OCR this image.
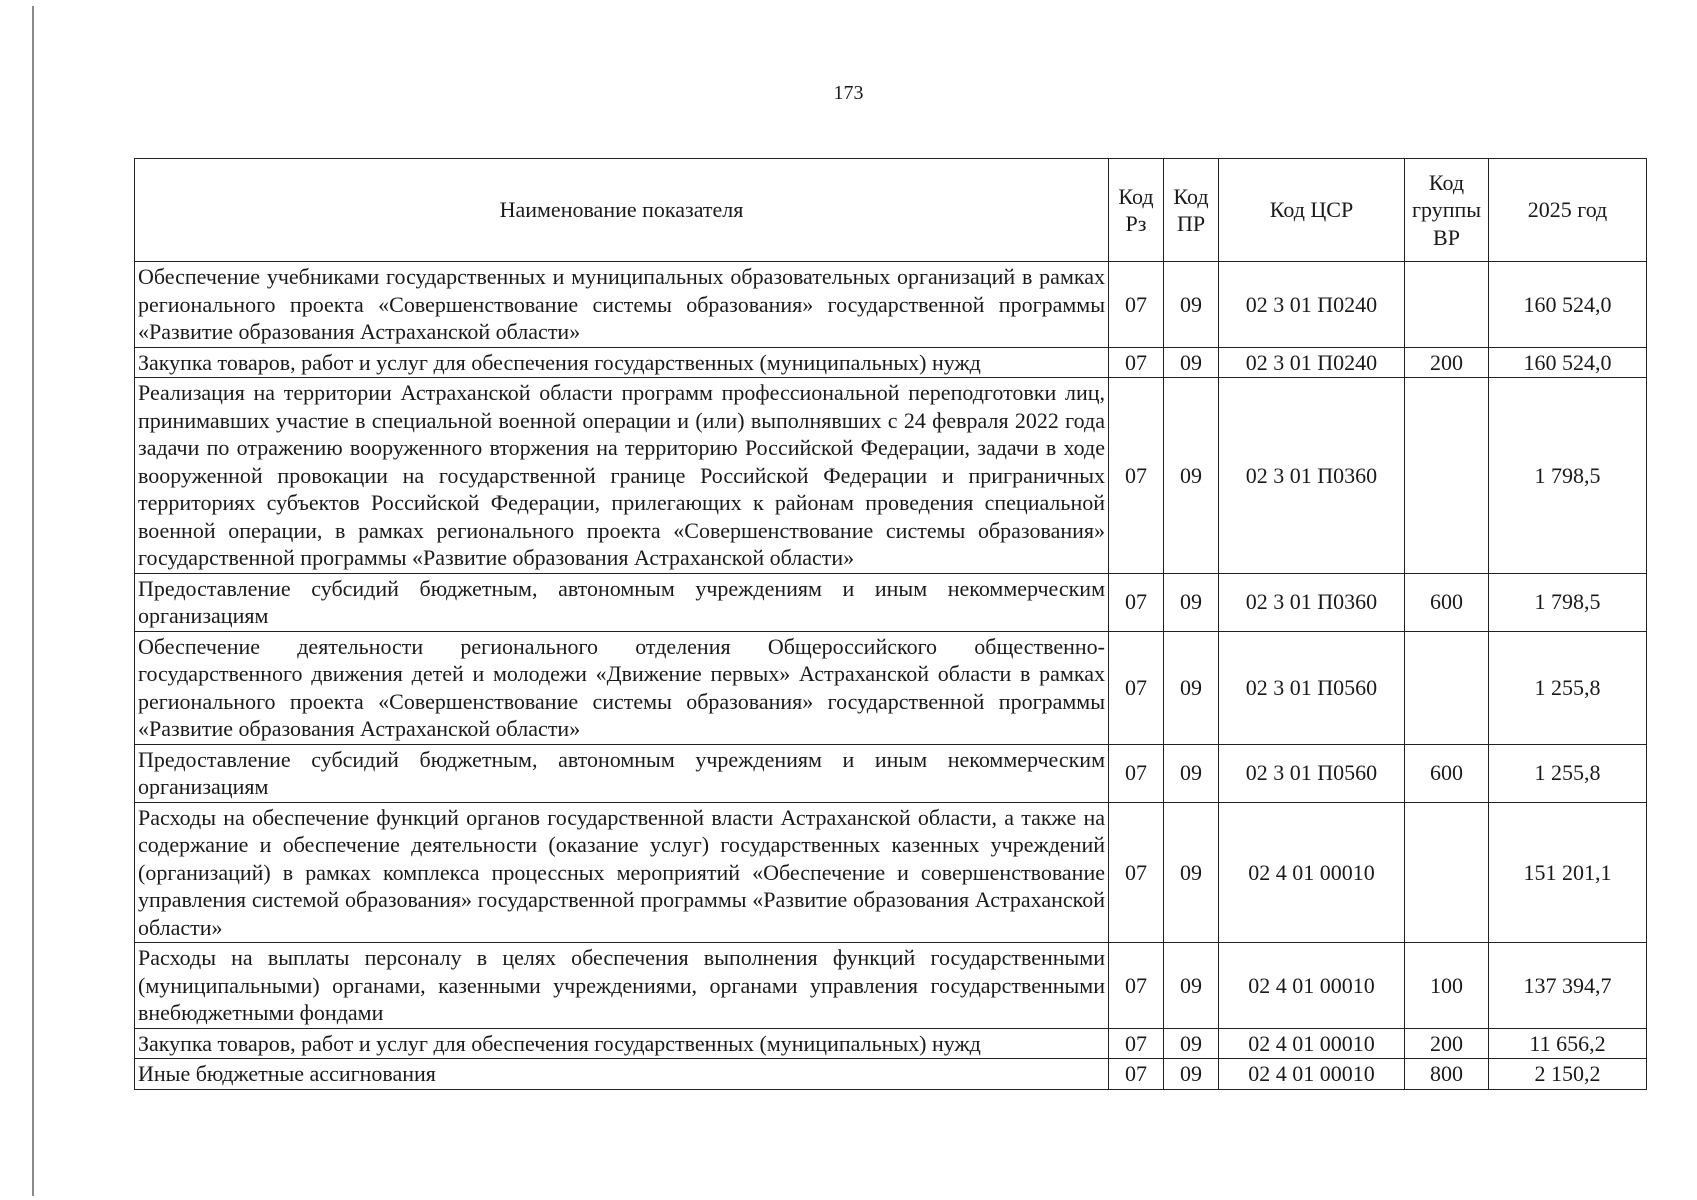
173
Наименование показателя	Код Рз	Код ПР	Код ЦСР	Код группы ВР	2025 год
Обеспечение учебниками государственных и муниципальных образовательных организаций в рамках регионального проекта «Совершенствование системы образования» государственной программы «Развитие образования Астраханской области»	07	09	02 3 01 П0240		160 524,0
Закупка товаров, работ и услуг для обеспечения государственных (муниципальных) нужд	07	09	02 3 01 П0240	200	160 524,0
Реализация на территории Астраханской области программ профессиональной переподготовки лиц, принимавших участие в специальной военной операции и (или) выполнявших с 24 февраля 2022 года задачи по отражению вооруженного вторжения на территорию Российской Федерации, задачи в ходе вооруженной провокации на государственной границе Российской Федерации и приграничных территориях субъектов Российской Федерации, прилегающих к районам проведения специальной военной операции, в рамках регионального проекта «Совершенствование системы образования» государственной программы «Развитие образования Астраханской области»	07	09	02 3 01 П0360		1 798,5
Предоставление субсидий бюджетным, автономным учреждениям и иным некоммерческим организациям	07	09	02 3 01 П0360	600	1 798,5
Обеспечение деятельности регионального отделения Общероссийского общественно-государственного движения детей и молодежи «Движение первых» Астраханской области в рамках регионального проекта «Совершенствование системы образования» государственной программы «Развитие образования Астраханской области»	07	09	02 3 01 П0560		1 255,8
Предоставление субсидий бюджетным, автономным учреждениям и иным некоммерческим организациям	07	09	02 3 01 П0560	600	1 255,8
Расходы на обеспечение функций органов государственной власти Астраханской области, а также на содержание и обеспечение деятельности (оказание услуг) государственных казенных учреждений (организаций) в рамках комплекса процессных мероприятий «Обеспечение и совершенствование управления системой образования» государственной программы «Развитие образования Астраханской области»	07	09	02 4 01 00010		151 201,1
Расходы на выплаты персоналу в целях обеспечения выполнения функций государственными (муниципальными) органами, казенными учреждениями, органами управления государственными внебюджетными фондами	07	09	02 4 01 00010	100	137 394,7
Закупка товаров, работ и услуг для обеспечения государственных (муниципальных) нужд	07	09	02 4 01 00010	200	11 656,2
Иные бюджетные ассигнования	07	09	02 4 01 00010	800	2 150,2
